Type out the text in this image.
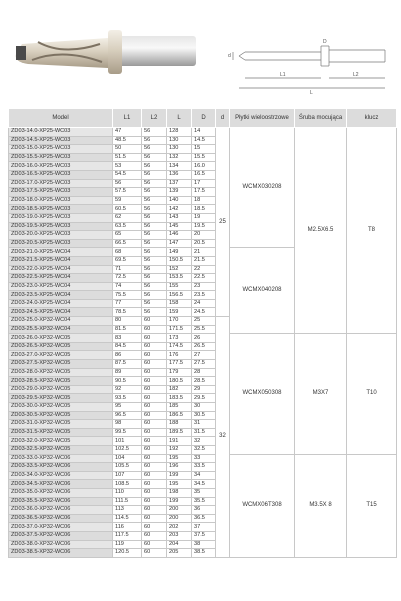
d
D
L1	L2
L
Model	L1	L2	L	D	d	Płytki wieloostrzowe	Śruba mocująca	klucz
ZD03-14.0-XP25-WC03	47	56	128	14	25	WCMX030208	M2.5X6.5	T8
ZD03-14.5-XP25-WC03	48.5	56	130	14.5				
ZD03-15.0-XP25-WC03	50	56	130	15				
ZD03-15.5-XP25-WC03	51.5	56	132	15.5				
ZD03-16.0-XP25-WC03	53	56	134	16.0				
ZD03-16.5-XP25-WC03	54.5	56	136	16.5				
ZD03-17.0-XP25-WC03	56	56	137	17				
ZD03-17.5-XP25-WC03	57.5	56	139	17.5				
ZD03-18.0-XP25-WC03	59	56	140	18				
ZD03-18.5-XP25-WC03	60.5	56	142	18.5				
ZD03-19.0-XP25-WC03	62	56	143	19				
ZD03-19.5-XP25-WC03	63.5	56	145	19.5				
ZD03-20.0-XP25-WC03	65	56	146	20				
ZD03-20.5-XP25-WC03	66.5	56	147	20.5				
ZD03-21.0-XP25-WC04	68	56	149	21		WCMX040208		
ZD03-21.5-XP25-WC04	69.5	56	150.5	21.5				
ZD03-22.0-XP25-WC04	71	56	152	22				
ZD03-22.5-XP25-WC04	72.5	56	153.5	22.5				
ZD03-23.0-XP25-WC04	74	56	155	23				
ZD03-23.5-XP25-WC04	75.5	56	156.5	23.5				
ZD03-24.0-XP25-WC04	77	56	158	24				
ZD03-24.5-XP25-WC04	78.5	56	159	24.5				
ZD03-25.0-XP32-WC04	80	60	170	25	32			
ZD03-25.5-XP32-WC04	81.5	60	171.5	25.5				
ZD03-26.0-XP32-WC05	83	60	173	26		WCMX050308	M3X7	T10
ZD03-26.5-XP32-WC05	84.5	60	174.5	26.5				
ZD03-27.0-XP32-WC05	86	60	176	27				
ZD03-27.5-XP32-WC05	87.5	60	177.5	27.5				
ZD03-28.0-XP32-WC05	89	60	179	28				
ZD03-28.5-XP32-WC05	90.5	60	180.5	28.5				
ZD03-29.0-XP32-WC05	92	60	182	29				
ZD03-29.5-XP32-WC05	93.5	60	183.5	29.5				
ZD03-30.0-XP32-WC05	95	60	185	30				
ZD03-30.5-XP32-WC05	96.5	60	186.5	30.5				
ZD03-31.0-XP32-WC05	98	60	188	31				
ZD03-31.5-XP32-WC05	99.5	60	189.5	31.5				
ZD03-32.0-XP32-WC05	101	60	191	32				
ZD03-32.5-XP32-WC05	102.5	60	192	32.5				
ZD03-33.0-XP32-WC06	104	60	195	33		WCMX06T308	M3.5X 8	T15
ZD03-33.5-XP32-WC06	105.5	60	196	33.5				
ZD03-34.0-XP32-WC06	107	60	199	34				
ZD03-34.5-XP32-WC06	108.5	60	195	34.5				
ZD03-35.0-XP32-WC06	110	60	198	35				
ZD03-35.5-XP32-WC06	111.5	60	199	35.5				
ZD03-36.0-XP32-WC06	113	60	200	36				
ZD03-36.5-XP32-WC06	114.5	60	200	36.5				
ZD03-37.0-XP32-WC06	116	60	202	37				
ZD03-37.5-XP32-WC06	117.5	60	203	37.5				
ZD03-38.0-XP32-WC06	119	60	204	38				
ZD03-38.5-XP32-WC06	120.5	60	205	38.5				
